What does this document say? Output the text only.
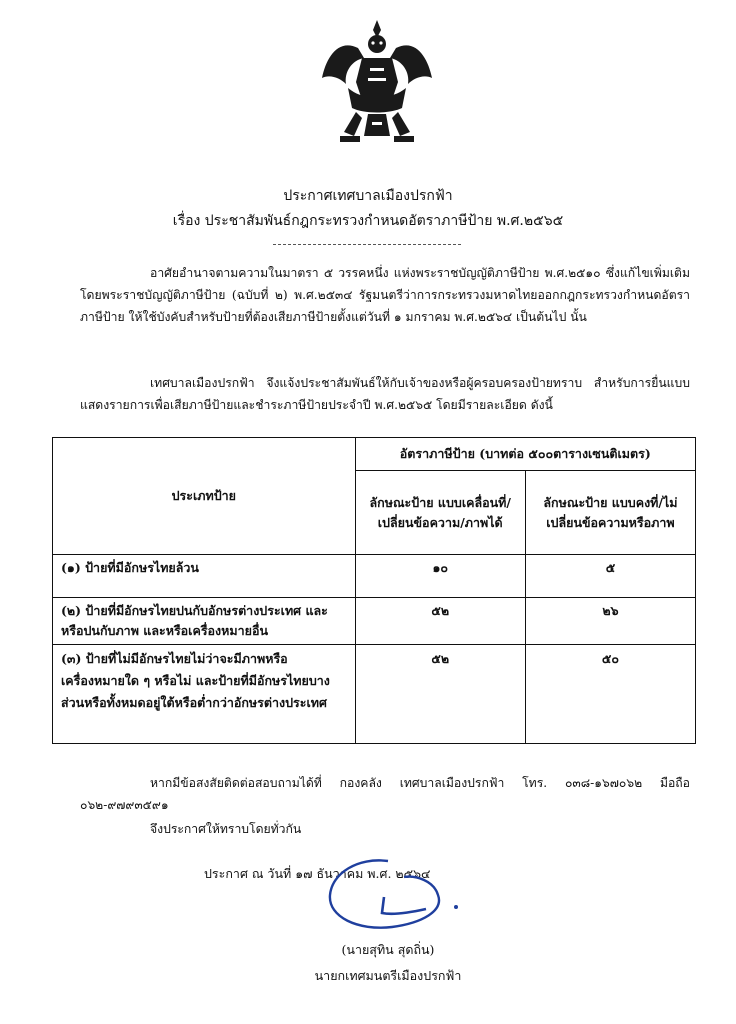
ประกาศเทศบาลเมืองปรกฟ้า
เรื่อง ประชาสัมพันธ์กฎกระทรวงกำหนดอัตราภาษีป้าย พ.ศ.๒๕๖๕
อาศัยอำนาจตามความในมาตรา ๕ วรรคหนึ่ง แห่งพระราชบัญญัติภาษีป้าย พ.ศ.๒๕๑๐ ซึ่งแก้ไขเพิ่มเติมโดยพระราชบัญญัติภาษีป้าย (ฉบับที่ ๒) พ.ศ.๒๕๓๔ รัฐมนตรีว่าการกระทรวงมหาดไทยออกกฎกระทรวงกำหนดอัตราภาษีป้าย ให้ใช้บังคับสำหรับป้ายที่ต้องเสียภาษีป้ายตั้งแต่วันที่ ๑ มกราคม พ.ศ.๒๕๖๔ เป็นต้นไป นั้น
เทศบาลเมืองปรกฟ้า จึงแจ้งประชาสัมพันธ์ให้กับเจ้าของหรือผู้ครอบครองป้ายทราบ สำหรับการยื่นแบบแสดงรายการเพื่อเสียภาษีป้ายและชำระภาษีป้ายประจำปี พ.ศ.๒๕๖๕ โดยมีรายละเอียด ดังนี้
ประเภทป้าย	อัตราภาษีป้าย (บาทต่อ ๕๐๐ตารางเซนติเมตร)	
	ลักษณะป้าย แบบเคลื่อนที่/เปลี่ยนข้อความ/ภาพได้	ลักษณะป้าย แบบคงที่/ไม่เปลี่ยนข้อความหรือภาพ
(๑) ป้ายที่มีอักษรไทยล้วน	๑๐	๕
(๒) ป้ายที่มีอักษรไทยปนกับอักษรต่างประเทศ และหรือปนกับภาพ และหรือเครื่องหมายอื่น	๕๒	๒๖
(๓) ป้ายที่ไม่มีอักษรไทยไม่ว่าจะมีภาพหรือเครื่องหมายใด ๆ หรือไม่ และป้ายที่มีอักษรไทยบางส่วนหรือทั้งหมดอยู่ใต้หรือต่ำกว่าอักษรต่างประเทศ	๕๒	๕๐
หากมีข้อสงสัยติดต่อสอบถามได้ที่ กองคลัง เทศบาลเมืองปรกฟ้า โทร. ๐๓๘-๑๖๗๐๖๒ มือถือ ๐๖๒-๙๗๙๓๕๙๑
จึงประกาศให้ทราบโดยทั่วกัน
ประกาศ ณ วันที่ ๑๗ ธันวาคม พ.ศ. ๒๕๖๔
(นายสุทิน สุดถิ่น)
นายกเทศมนตรีเมืองปรกฟ้า
